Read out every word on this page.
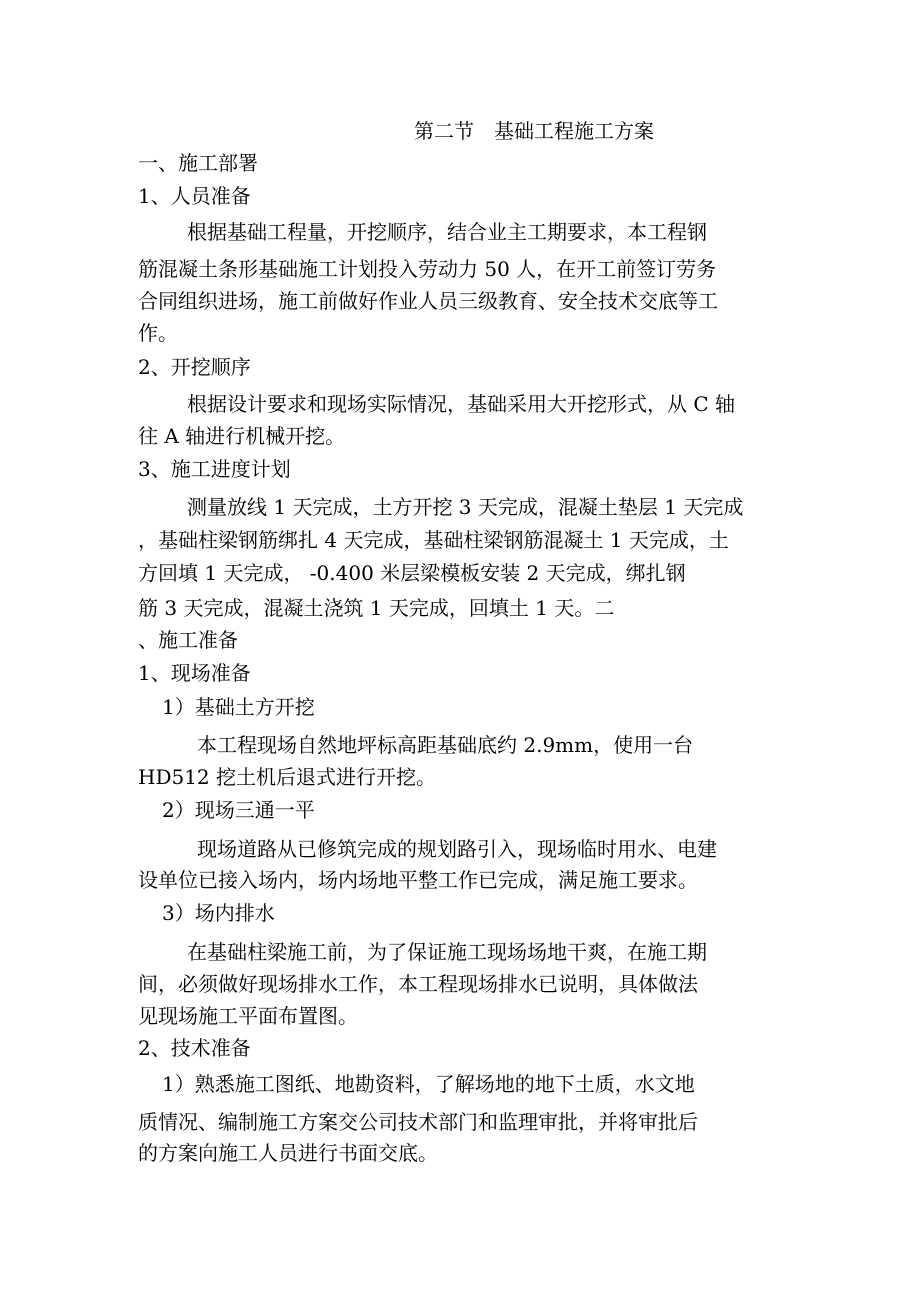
第二节　基础工程施工方案

一、施工部署

1、人员准备

根据基础工程量，开挖顺序，结合业主工期要求，本工程钢

筋混凝土条形基础施工计划投入劳动力 50 人，在开工前签订劳务

合同组织进场，施工前做好作业人员三级教育、安全技术交底等工

作。

2、开挖顺序

根据设计要求和现场实际情况，基础采用大开挖形式，从 C 轴

往 A 轴进行机械开挖。

3、施工进度计划

测量放线 1 天完成，土方开挖 3 天完成，混凝土垫层 1 天完成

，基础柱梁钢筋绑扎 4 天完成，基础柱梁钢筋混凝土 1 天完成，土

方回填 1 天完成， -0.400 米层梁模板安装 2 天完成，绑扎钢

筋 3 天完成，混凝土浇筑 1 天完成，回填土 1 天。二

、施工准备

1、现场准备

1）基础土方开挖

本工程现场自然地坪标高距基础底约 2.9mm，使用一台

HD512 挖土机后退式进行开挖。

2）现场三通一平

现场道路从已修筑完成的规划路引入，现场临时用水、电建

设单位已接入场内，场内场地平整工作已完成，满足施工要求。

3）场内排水

在基础柱梁施工前，为了保证施工现场场地干爽，在施工期

间，必须做好现场排水工作，本工程现场排水已说明，具体做法

见现场施工平面布置图。

2、技术准备

1）熟悉施工图纸、地勘资料，了解场地的地下土质，水文地

质情况、编制施工方案交公司技术部门和监理审批，并将审批后

的方案向施工人员进行书面交底。
